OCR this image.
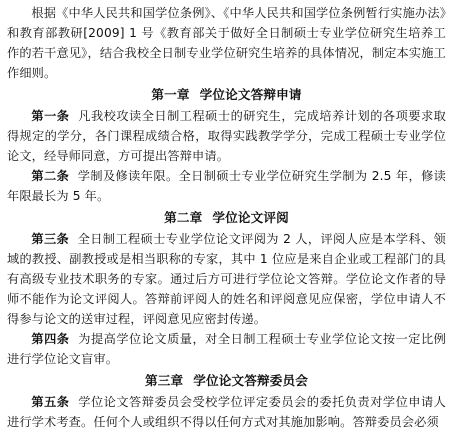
根据《中华人民共和国学位条例》、《中华人民共和国学位条例暂行实施办法》和教育部教研[2009] 1 号《教育部关于做好全日制硕士专业学位研究生培养工作的若干意见》，结合我校全日制专业学位研究生培养的具体情况，制定本实施工作细则。

第一章 学位论文答辩申请

第一条 凡我校攻读全日制工程硕士的研究生，完成培养计划的各项要求取得规定的学分，各门课程成绩合格，取得实践教学学分，完成工程硕士专业学位论文，经导师同意，方可提出答辩申请。

第二条 学制及修读年限。全日制硕士专业学位研究生学制为 2.5 年，修读年限最长为 5 年。

第二章 学位论文评阅

第三条 全日制工程硕士专业学位论文评阅为 2 人，评阅人应是本学科、领域的教授、副教授或是相当职称的专家，其中 1 位应是来自企业或工程部门的具有高级专业技术职务的专家。通过后方可进行学位论文答辩。学位论文作者的导师不能作为论文评阅人。答辩前评阅人的姓名和评阅意见应保密，学位申请人不得参与论文的送审过程，评阅意见应密封传递。

第四条 为提高学位论文质量，对全日制工程硕士专业学位论文按一定比例进行学位论文盲审。

第三章 学位论文答辩委员会

第五条 学位论文答辩委员会受校学位评定委员会的委托负责对学位申请人进行学术考查。任何个人或组织不得以任何方式对其施加影响。答辩委员会必须
